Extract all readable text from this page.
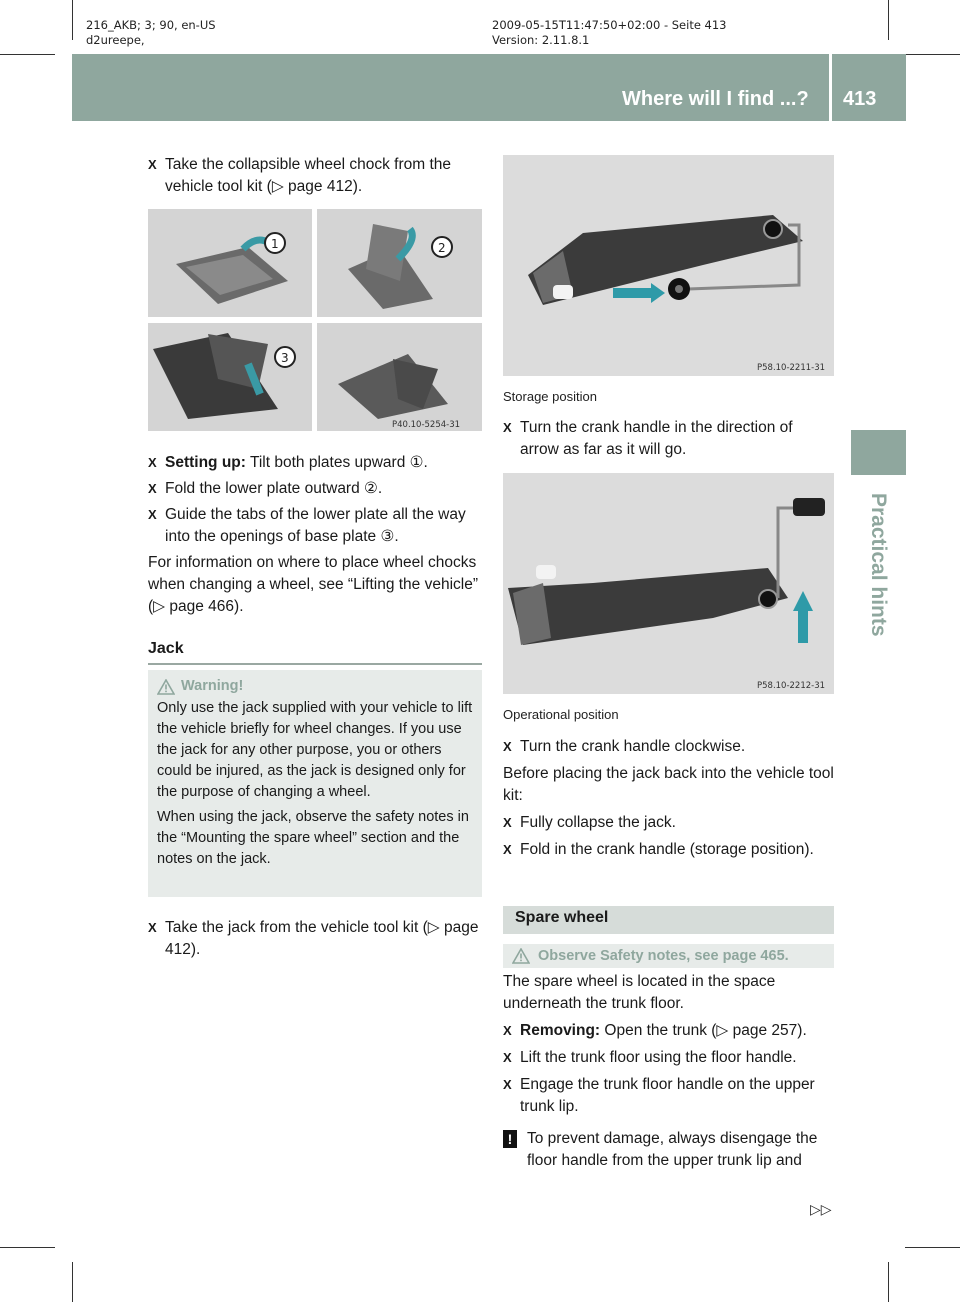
216_AKB; 3; 90, en-US
d2ureepe,
2009-05-15T11:47:50+02:00 - Seite 413
Version: 2.11.8.1
Where will I find ...? 413
Practical hints
X Take the collapsible wheel chock from the vehicle tool kit (▷ page 412).
1	2
3
P40.10-5254-31
X Setting up: Tilt both plates upward ①.
X Fold the lower plate outward ②.
X Guide the tabs of the lower plate all the way into the openings of base plate ③.
For information on where to place wheel chocks when changing a wheel, see “Lifting the vehicle” (▷ page 466).
Jack
Warning!

Only use the jack supplied with your vehicle to lift the vehicle briefly for wheel changes. If you use the jack for any other purpose, you or others could be injured, as the jack is designed only for the purpose of changing a wheel.

When using the jack, observe the safety notes in the “Mounting the spare wheel” section and the notes on the jack.

X Take the jack from the vehicle tool kit (▷ page 412).
P58.10-2211-31
Storage position
X Turn the crank handle in the direction of arrow as far as it will go.
P58.10-2212-31
Operational position
X Turn the crank handle clockwise.
Before placing the jack back into the vehicle tool kit:
X Fully collapse the jack.
X Fold in the crank handle (storage position).
Spare wheel
Observe Safety notes, see page 465.
The spare wheel is located in the space underneath the trunk floor.
X Removing: Open the trunk (▷ page 257).
X Lift the trunk floor using the floor handle.
X Engage the trunk floor handle on the upper trunk lip.
! To prevent damage, always disengage the floor handle from the upper trunk lip and
▷▷
